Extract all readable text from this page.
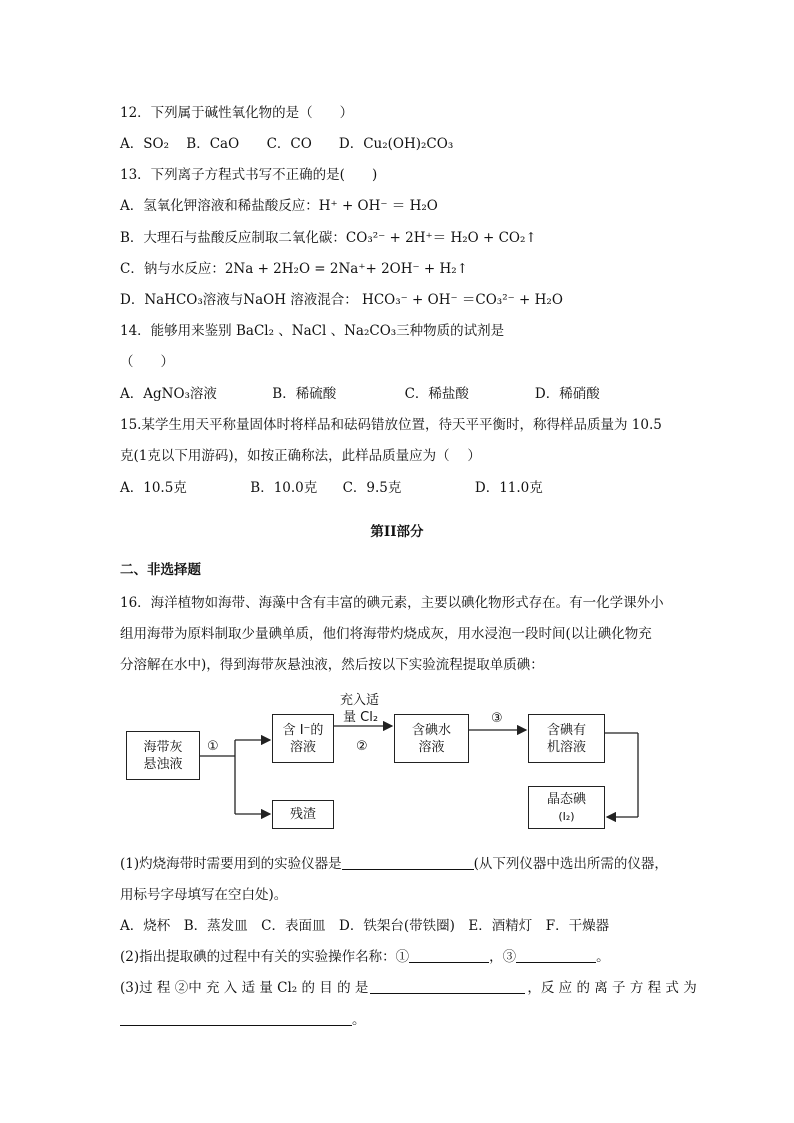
12．下列属于碱性氧化物的是（　　）
A．SO₂ B．CaO C．CO D．Cu₂(OH)₂CO₃
13．下列离子方程式书写不正确的是(　　)
A．氢氧化钾溶液和稀盐酸反应：H⁺ + OH⁻ ＝ H₂O
B．大理石与盐酸反应制取二氧化碳：CO₃²⁻ + 2H⁺＝ H₂O + CO₂↑
C．钠与水反应：2Na + 2H₂O = 2Na⁺+ 2OH⁻ + H₂↑
D．NaHCO₃溶液与NaOH 溶液混合： HCO₃⁻ + OH⁻ ＝CO₃²⁻ + H₂O
14．能够用来鉴别 BaCl₂ 、NaCl 、Na₂CO₃三种物质的试剂是
（　　）
A．AgNO₃溶液	B．稀硫酸	C．稀盐酸	D．稀硝酸
15.某学生用天平称量固体时将样品和砝码错放位置，待天平平衡时，称得样品质量为 10.5
克(1克以下用游码)，如按正确称法，此样品质量应为（　 ）
A．10.5克	B．10.0克 C．9.5克	D．11.0克
第II部分
二、非选择题
16．海洋植物如海带、海藻中含有丰富的碘元素，主要以碘化物形式存在。有一化学课外小
组用海带为原料制取少量碘单质，他们将海带灼烧成灰，用水浸泡一段时间(以让碘化物充
分溶解在水中)，得到海带灰悬浊液，然后按以下实验流程提取单质碘：
海带灰
悬浊液
含 I⁻的
溶液
含碘水
溶液
含碘有
机溶液
残渣
晶态碘
(I₂)
①
充入适
量 Cl₂
②
③
(1)灼烧海带时需要用到的实验仪器是	(从下列仪器中选出所需的仪器，
用标号字母填写在空白处)。
A．烧杯　B．蒸发皿　C．表面皿　D．铁架台(带铁圈)　E．酒精灯　F．干燥器
(2)指出提取碘的过程中有关的实验操作名称：①	，③	。
(3)过 程 ②中 充 入 适 量 Cl₂ 的 目 的 是	，反 应 的 离 子 方 程 式 为
。
